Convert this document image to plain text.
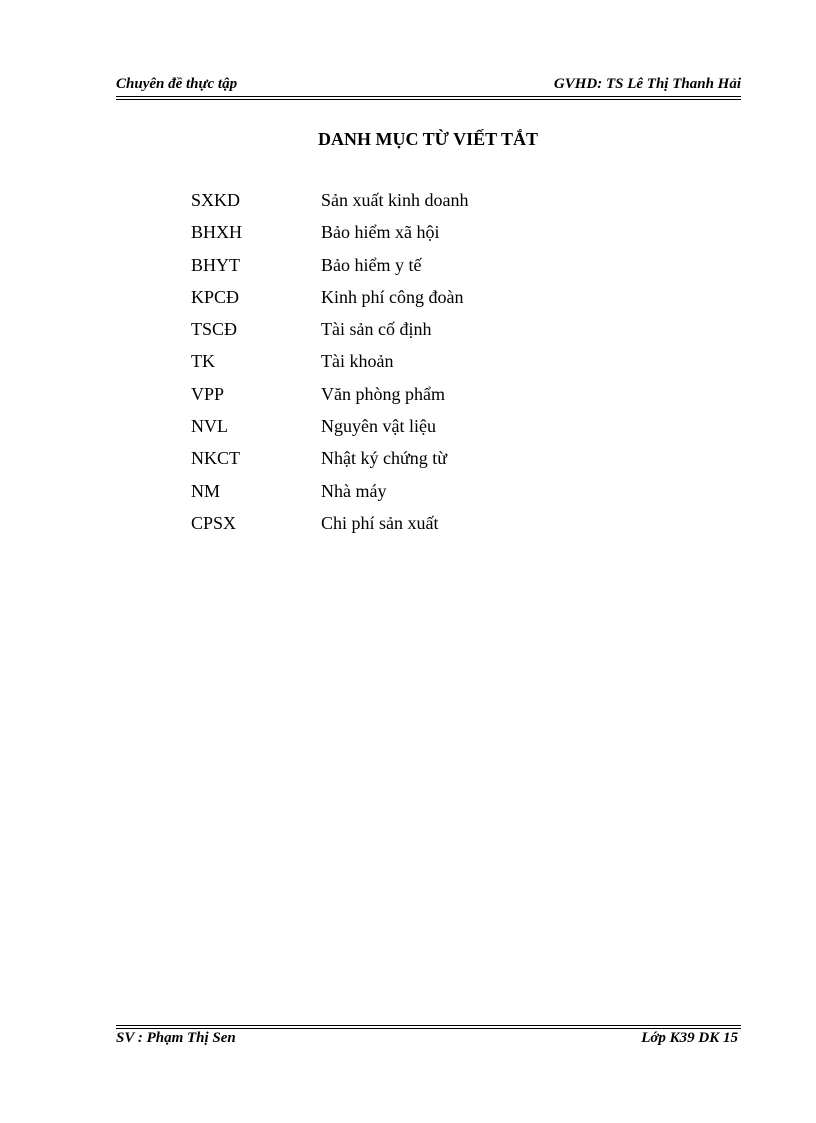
Chuyên đề thực tập	GVHD: TS Lê Thị Thanh Hải
DANH MỤC TỪ VIẾT TẮT
SXKD	Sản xuất kinh doanh
BHXH	Bảo hiểm xã hội
BHYT	Bảo hiểm y tế
KPCĐ	Kinh phí công đoàn
TSCĐ	Tài sản cố định
TK	Tài khoản
VPP	Văn phòng phẩm
NVL	Nguyên vật liệu
NKCT	Nhật ký chứng từ
NM	Nhà máy
CPSX	Chi phí sản xuất
SV : Phạm Thị Sen	Lớp K39 DK 15
